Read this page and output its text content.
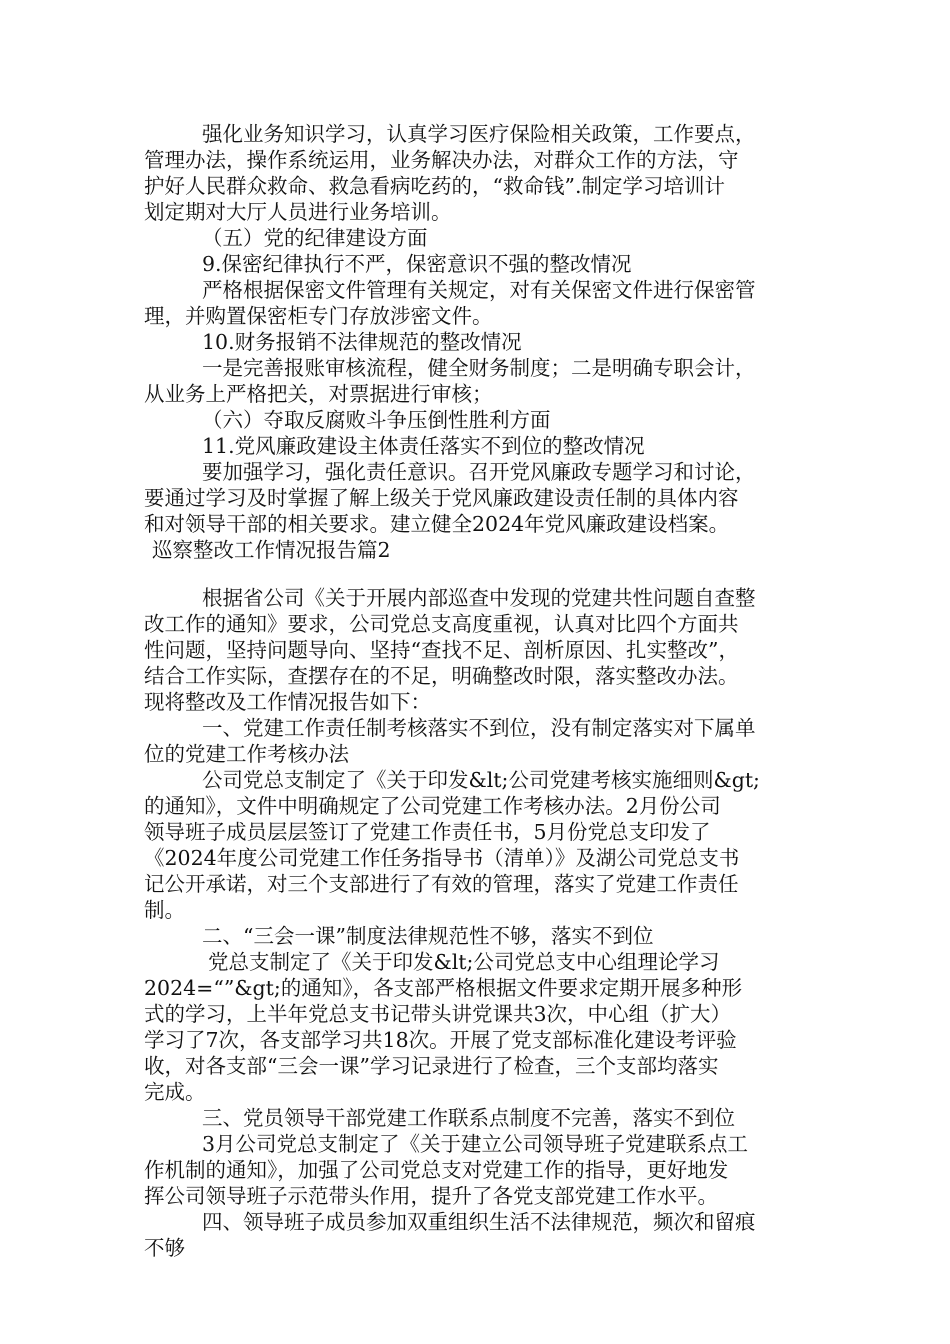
强化业务知识学习，认真学习医疗保险相关政策，工作要点，
管理办法，操作系统运用，业务解决办法，对群众工作的方法，守
护好人民群众救命、救急看病吃药的，“救命钱”.制定学习培训计
划定期对大厅人员进行业务培训。
（五）党的纪律建设方面
9.保密纪律执行不严，保密意识不强的整改情况
严格根据保密文件管理有关规定，对有关保密文件进行保密管
理，并购置保密柜专门存放涉密文件。
10.财务报销不法律规范的整改情况
一是完善报账审核流程，健全财务制度；二是明确专职会计，
从业务上严格把关，对票据进行审核；
（六）夺取反腐败斗争压倒性胜利方面
11.党风廉政建设主体责任落实不到位的整改情况
要加强学习，强化责任意识。召开党风廉政专题学习和讨论，
要通过学习及时掌握了解上级关于党风廉政建设责任制的具体内容
和对领导干部的相关要求。建立健全2024年党风廉政建设档案。
巡察整改工作情况报告篇2
根据省公司《关于开展内部巡查中发现的党建共性问题自查整
改工作的通知》要求，公司党总支高度重视，认真对比四个方面共
性问题，坚持问题导向、坚持“查找不足、剖析原因、扎实整改”，
结合工作实际，查摆存在的不足，明确整改时限，落实整改办法。
现将整改及工作情况报告如下：
一、党建工作责任制考核落实不到位，没有制定落实对下属单
位的党建工作考核办法
公司党总支制定了《关于印发&lt;公司党建考核实施细则&gt;
的通知》，文件中明确规定了公司党建工作考核办法。2月份公司
领导班子成员层层签订了党建工作责任书，5月份党总支印发了
《2024年度公司党建工作任务指导书（清单）》及湖公司党总支书
记公开承诺，对三个支部进行了有效的管理，落实了党建工作责任
制。
二、“三会一课”制度法律规范性不够，落实不到位
党总支制定了《关于印发&lt;公司党总支中心组理论学习
2024=“”&gt;的通知》，各支部严格根据文件要求定期开展多种形
式的学习，上半年党总支书记带头讲党课共3次，中心组（扩大）
学习了7次，各支部学习共18次。开展了党支部标准化建设考评验
收，对各支部“三会一课”学习记录进行了检查，三个支部均落实
完成。
三、党员领导干部党建工作联系点制度不完善，落实不到位
3月公司党总支制定了《关于建立公司领导班子党建联系点工
作机制的通知》，加强了公司党总支对党建工作的指导，更好地发
挥公司领导班子示范带头作用，提升了各党支部党建工作水平。
四、领导班子成员参加双重组织生活不法律规范，频次和留痕
不够
